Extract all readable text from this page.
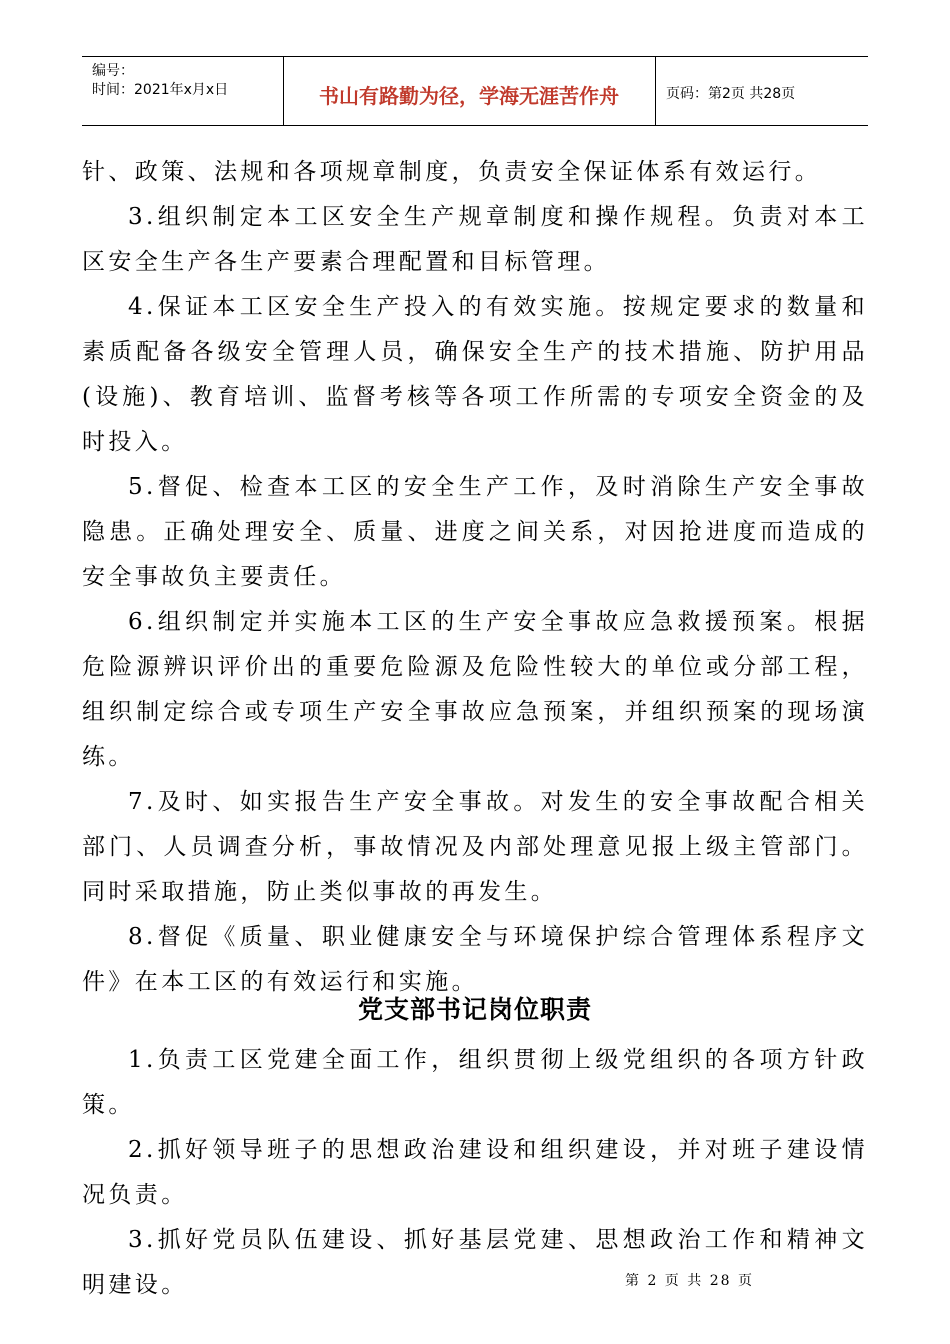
编号：
时间：2021年x月x日	书山有路勤为径，学海无涯苦作舟	页码：第2页 共28页

针、政策、法规和各项规章制度，负责安全保证体系有效运行。

3.组织制定本工区安全生产规章制度和操作规程。负责对本工区安全生产各生产要素合理配置和目标管理。

4.保证本工区安全生产投入的有效实施。按规定要求的数量和素质配备各级安全管理人员，确保安全生产的技术措施、防护用品(设施)、教育培训、监督考核等各项工作所需的专项安全资金的及时投入。

5.督促、检查本工区的安全生产工作，及时消除生产安全事故隐患。正确处理安全、质量、进度之间关系，对因抢进度而造成的安全事故负主要责任。

6.组织制定并实施本工区的生产安全事故应急救援预案。根据危险源辨识评价出的重要危险源及危险性较大的单位或分部工程，组织制定综合或专项生产安全事故应急预案，并组织预案的现场演练。

7.及时、如实报告生产安全事故。对发生的安全事故配合相关部门、人员调查分析，事故情况及内部处理意见报上级主管部门。同时采取措施，防止类似事故的再发生。

8.督促《质量、职业健康安全与环境保护综合管理体系程序文件》在本工区的有效运行和实施。

党支部书记岗位职责

1.负责工区党建全面工作，组织贯彻上级党组织的各项方针政策。

2.抓好领导班子的思想政治建设和组织建设，并对班子建设情况负责。

3.抓好党员队伍建设、抓好基层党建、思想政治工作和精神文明建设。	第 2 页 共 28 页
